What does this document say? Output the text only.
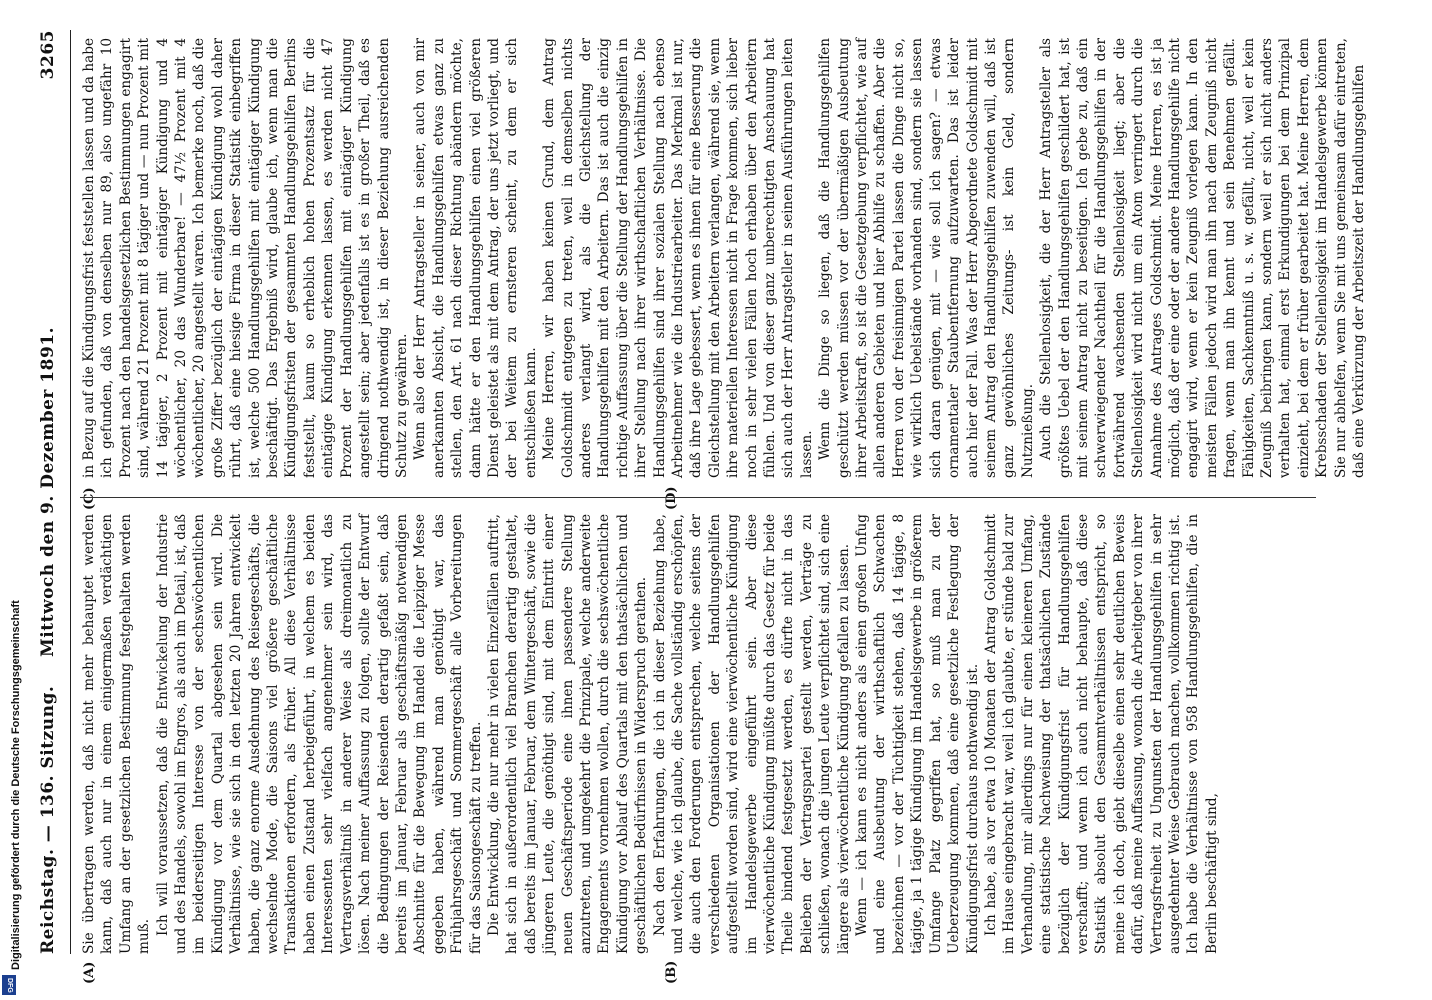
Digitalisierung gefördert durch die Deutsche Forschungsgemeinschaft
DFG
Reichstag. — 136. Sitzung.
Mittwoch den 9. Dezember 1891.
3265
(A)	(B)
(C)	(D)

Sie übertragen werden, daß nicht mehr behauptet werden kann, daß auch nur in einem einigermaßen verdächtigen Umfang an der gesetzlichen Bestimmung festgehalten werden muß.

Ich will voraussetzen, daß die Entwickelung der Industrie und des Handels, sowohl im Engros, als auch im Detail, ist, daß im beiderseitigen Interesse von der sechswöchentlichen Kündigung vor dem Quartal abgesehen sein wird. Die Verhältnisse, wie sie sich in den letzten 20 Jahren entwickelt haben, die ganz enorme Ausdehnung des Reisegeschäfts, die wechselnde Mode, die Saisons viel größere geschäftliche Transaktionen erfordern, als früher. All diese Verhältnisse haben einen Zustand herbeigeführt, in welchem es beiden Interessenten sehr vielfach angenehmer sein wird, das Vertragsverhältniß in anderer Weise als dreimonatlich zu lösen. Nach meiner Auffassung zu folgen, sollte der Entwurf die Bedingungen der Reisenden derartig gefaßt sein, daß bereits im Januar, Februar als geschäftsmäßig notwendigen Abschnitte für die Bewegung im Handel die Leipziger Messe gegeben haben, während man genöthigt war, das Frühjahrsgeschäft und Sommergeschäft alle Vorbereitungen für das Saisongeschäft zu treffen. Die Entwicklung, die nur mehr in vielen Einzelfällen auftritt, hat sich in außerordentlich viel Branchen derartig gestaltet, daß bereits im Januar, Februar, dem Wintergeschäft, sowie die jüngeren Leute, die genöthigt sind, mit dem Eintritt einer neuen Geschäftsperiode eine ihnen passendere Stellung anzutreten, und umgekehrt die Prinzipale, welche anderweite Engagements vornehmen wollen, durch die sechswöchentliche Kündigung vor Ablauf des Quartals mit den thatsächlichen und geschäftlichen Bedürfnissen in Widerspruch gerathen. Nach den Erfahrungen, die ich in dieser Beziehung habe, und welche, wie ich glaube, die Sache vollständig erschöpfen, die auch den Forderungen entsprechen, welche seitens der verschiedenen Organisationen der Handlungsgehilfen aufgestellt worden sind, wird eine vierwöchentliche Kündigung im Handelsgewerbe eingeführt sein. Aber diese vierwöchentliche Kündigung müßte durch das Gesetz für beide Theile bindend festgesetzt werden, es dürfte nicht in das Belieben der Vertragspartei gestellt werden, Verträge zu schließen, wonach die jungen Leute verpflichtet sind, sich eine längere als vierwöchentliche Kündigung gefallen zu lassen. Wenn — ich kann es nicht anders als einen großen Unfug und eine Ausbeutung der wirthschaftlich Schwachen bezeichnen — vor der Tüchtigkeit stehen, daß 14 tägige, 8 tägige, ja 1 tägige Kündigung im Handelsgewerbe in größerem Umfange Platz gegriffen hat, so muß man zu der Ueberzeugung kommen, daß eine gesetzliche Festlegung der Kündigungsfrist durchaus nothwendig ist. Ich habe, als vor etwa 10 Monaten der Antrag Goldschmidt im Hause eingebracht war, weil ich glaubte, er stünde bald zur Verhandlung, mir allerdings nur für einen kleineren Umfang, eine statistische Nachweisung der thatsächlichen Zustände bezüglich der Kündigungsfrist für Handlungsgehilfen verschafft; und wenn ich auch nicht behaupte, daß diese Statistik absolut den Gesammtverhältnissen entspricht, so meine ich doch, giebt dieselbe einen sehr deutlichen Beweis dafür, daß meine Auffassung, wonach die Arbeitgeber von ihrer Vertragsfreiheit zu Ungunsten der Handlungsgehilfen in sehr ausgedehnter Weise Gebrauch machen, vollkommen richtig ist. Ich habe die Verhältnisse von 958 Handlungsgehilfen, die in Berlin beschäftigt sind,

in Bezug auf die Kündigungsfrist feststellen lassen und da habe ich gefunden, daß von denselben nur 89, also ungefähr 10 Prozent nach den handelsgesetzlichen Bestimmungen engagirt sind, während 21 Prozent mit 8 tägiger und — nun Prozent mit 14 tägiger, 2 Prozent mit eintägiger Kündigung und 4 wöchentlicher, 20 das Wunderbare! — 47½ Prozent mit 4 wöchentlicher, 20 angestellt waren. Ich bemerke noch, daß die große Ziffer bezüglich der eintägigen Kündigung wohl daher rührt, daß eine hiesige Firma in dieser Statistik einbegriffen ist, welche 500 Handlungsgehilfen mit eintägiger Kündigung beschäftigt. Das Ergebniß wird, glaube ich, wenn man die Kündigungsfristen der gesammten Handlungsgehilfen Berlins feststellt, kaum so erheblich hohen Prozentsatz für die eintägige Kündigung erkennen lassen, es werden nicht 47 Prozent der Handlungsgehilfen mit eintägiger Kündigung angestellt sein; aber jedenfalls ist es in großer Theil, daß es dringend nothwendig ist, in dieser Beziehung ausreichenden Schutz zu gewähren. Wenn also der Herr Antragsteller in seiner, auch von mir anerkannten Absicht, die Handlungsgehilfen etwas ganz zu stellen, den Art. 61 nach dieser Richtung abändern möchte, dann hätte er den Handlungsgehilfen einen viel größeren Dienst geleistet als mit dem Antrag, der uns jetzt vorliegt, und der bei Weitem zu ernsteren scheint, zu dem er sich entschließen kann. Meine Herren, wir haben keinen Grund, dem Antrag Goldschmidt entgegen zu treten, weil in demselben nichts anderes verlangt wird, als die Gleichstellung der Handlungsgehilfen mit den Arbeitern. Das ist auch die einzig richtige Auffassung über die Stellung der Handlungsgehilfen in ihrer Stellung nach ihrer wirthschaftlichen Verhältnisse. Die Handlungsgehilfen sind ihrer sozialen Stellung nach ebenso Arbeitnehmer wie die Industriearbeiter. Das Merkmal ist nur, daß ihre Lage gebessert, wenn es ihnen für eine Besserung die Gleichstellung mit den Arbeitern verlangen, während sie, wenn ihre materiellen Interessen nicht in Frage kommen, sich lieber noch in sehr vielen Fällen hoch erhaben über den Arbeitern fühlen. Und von dieser ganz unberechtigten Anschauung hat sich auch der Herr Antragsteller in seinen Ausführungen leiten lassen. Wenn die Dinge so liegen, daß die Handlungsgehilfen geschützt werden müssen vor der übermäßigen Ausbeutung ihrer Arbeitskraft, so ist die Gesetzgebung verpflichtet, wie auf allen anderen Gebieten und hier Abhilfe zu schaffen. Aber die Herren von der freisinnigen Partei lassen die Dinge nicht so, wie wirklich Uebelstände vorhanden sind, sondern sie lassen sich daran genügen, mit — wie soll ich sagen? — etwas ornamentaler Staubentfernung aufzuwarten. Das ist leider auch hier der Fall. Was der Herr Abgeordnete Goldschmidt mit seinem Antrag den Handlungsgehilfen zuwenden will, daß ist ganz gewöhnliches Zeitungs- ist kein Geld, sondern Nutznießung. Auch die Stellenlosigkeit, die der Herr Antragsteller als größtes Uebel der den Handlungsgehilfen geschildert hat, ist mit seinem Antrag nicht zu beseitigen. Ich gebe zu, daß ein schwerwiegender Nachtheil für die Handlungsgehilfen in der fortwährend wachsenden Stellenlosigkeit liegt; aber die Stellenlosigkeit wird nicht um ein Atom verringert durch die Annahme des Antrages Goldschmidt. Meine Herren, es ist ja möglich, daß der eine oder der andere Handlungsgehilfe nicht engagirt wird, wenn er kein Zeugniß vorlegen kann. In den meisten Fällen jedoch wird man ihn nach dem Zeugniß nicht fragen, wenn man ihn kennt und sein Benehmen gefällt. Fähigkeiten, Sachkenntniß u. s. w. gefällt, nicht, weil er kein Zeugniß beibringen kann, sondern weil er sich nicht anders verhalten hat, einmal erst Erkundigungen bei dem Prinzipal einzieht, bei dem er früher gearbeitet hat. Meine Herren, dem Krebsschaden der Stellenlosigkeit im Handelsgewerbe können Sie nur abhelfen, wenn Sie mit uns gemeinsam dafür eintreten, daß eine Verkürzung der Arbeitszeit der Handlungsgehilfen
